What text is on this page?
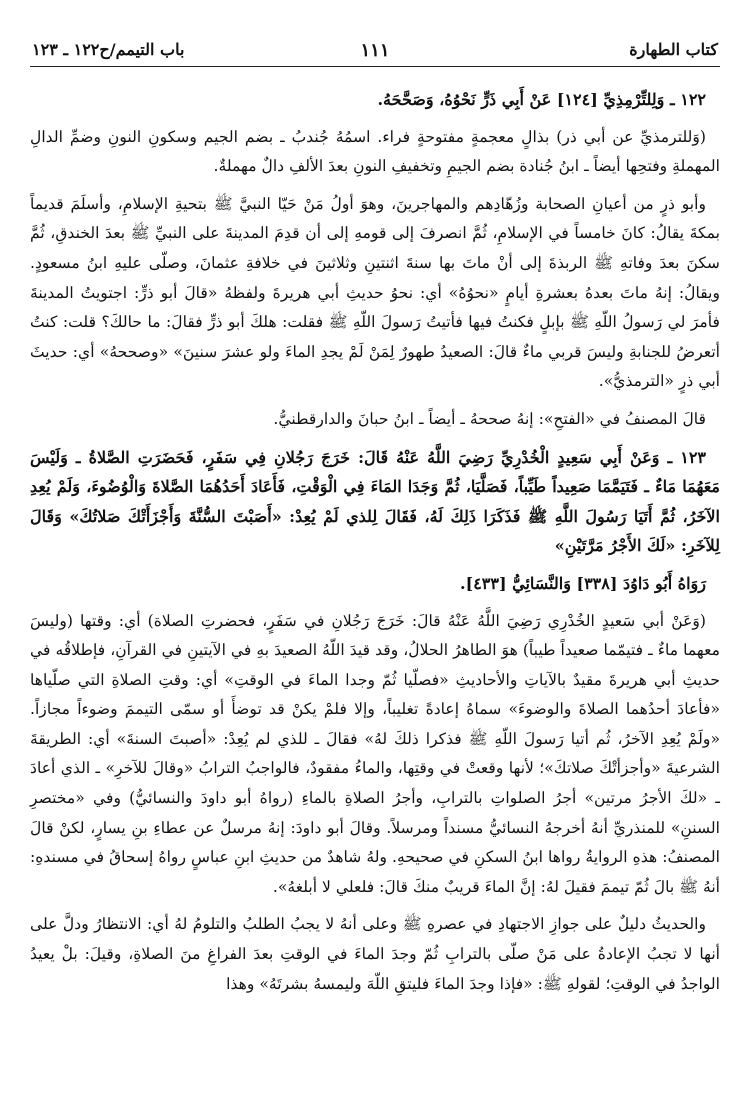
كتاب الطهارة
١١١
باب التيمم/ح١٢٢ ـ ١٢٣

١٢٢ ـ وَلِلتِّرْمِذِيِّ [١٢٤] عَنْ أَبِي ذَرٍّ نَحْوُهُ، وَصَحَّحَهُ.

(وَللترمذيِّ عن أبي ذر) بذالٍ معجمةٍ مفتوحةٍ فراء. اسمُهُ جُندبُ ـ بضم الجيم وسكونِ النونِ وضمِّ الدالِ المهملةِ وفتحِها أيضاً ـ ابنُ جُنادة بضم الجيمِ وتخفيفِ النونِ بعدَ الألفِ دالٌ مهملةٌ.

وأبو ذرٍ من أعيانِ الصحابة وزُهّادِهم والمهاجرينَ، وهوَ أولُ مَنْ حَيّا النبيَّ ﷺ بتحيةِ الإسلامِ، وأسلَمَ قديماً بمكةَ يقالُ: كانَ خامساً في الإسلامِ، ثُمَّ انصرفَ إلى قومهِ إلى أن قدِمَ المدينةَ على النبيِّ ﷺ بعدَ الخندقِ، ثُمَّ سكنَ بعدَ وفاتهِ ﷺ الربذةَ إلى أنْ ماتَ بها سنةَ اثنتينِ وثلاثينَ في خلافةِ عثمانَ، وصلّى عليهِ ابنُ مسعودٍ. ويقالُ: إنهُ ماتَ بعدهُ بعشرةِ أيامٍ «نحوُهُ» أي: نحوُ حديثِ أبي هريرةَ ولفظهُ «قالَ أبو ذرٍّ: اجتويتُ المدينةَ فأمرَ لي رَسولُ اللّهِ ﷺ بإبلٍ فكنتُ فيها فأتيتُ رَسولَ اللّهِ ﷺ فقلت: هلكَ أبو ذرٍّ فقالَ: ما حالكَ؟ قلت: كنتُ أتعرضُ للجنابةِ وليسَ قربي ماءٌ قالَ: الصعيدُ طهورٌ لِمَنْ لَمْ يجدِ الماءَ ولو عشرَ سنينَ» «وصححهُ» أي: حديثَ أبي ذرٍ «الترمذيُّ».

قالَ المصنفُ في «الفتحِ»: إنهُ صححهُ ـ أيضاً ـ ابنُ حبانَ والدارقطنيُّ.

١٢٣ ـ وَعَنْ أَبِي سَعِيدٍ الْخُدْرِيِّ رَضِيَ اللَّهُ عَنْهُ قَالَ: خَرَجَ رَجُلانِ فِي سَفَرٍ، فَحَضَرَتِ الصَّلاةُ ـ وَلَيْسَ مَعَهُمَا مَاءٌ ـ فَتَيَمَّمَا صَعِيداً طَيِّباً، فَصَلَّيَا، ثُمَّ وَجَدَا المَاءَ فِي الْوَقْتِ، فَأَعَادَ أَحَدُهُمَا الصَّلاةَ وَالْوُضُوءَ، وَلَمْ يُعِدِ الآخَرُ، ثُمَّ أَتَيَا رَسُولَ اللَّهِ ﷺ فَذَكَرَا ذَلِكَ لَهُ، فَقَالَ لِلذي لَمْ يُعِدْ: «أَصَبْتَ السُّنَّةَ وَأَجْزَأَتْكَ صَلاتُكَ» وَقَالَ لِلآخَرِ: «لَكَ الأَجْرُ مَرَّتَيْنِ»

رَوَاهُ أَبُو دَاوُدَ [٣٣٨] وَالنَّسَائِيُّ [٤٣٣].

(وَعَنْ أبي سَعيدٍ الخُدْرِي رَضِيَ اللَّهُ عَنْهُ قالَ: خَرَجَ رَجُلانِ في سَفَرٍ، فحضرتِ الصلاة) أي: وقتها (وليسَ معهما ماءٌ ـ فتيمّما صعيداً طيباً) هوَ الطاهرُ الحلالُ، وقد قيدَ اللّهُ الصعيدَ بهِ في الآيتينِ في القرآنِ، فإطلاقُه في حديثِ أبي هريرةَ مقيدٌ بالآياتِ والأحاديثِ «فصلّيا ثُمّ وجدا الماءَ في الوقتِ» أي: وقتِ الصلاةِ التي صلّياها «فأعادَ أحدُهما الصلاةَ والوضوءَ» سماهُ إعادةً تغليباً، وإلا فلمْ يكنْ قد توضأَ أو سمّى التيممَ وضوءاً مجازاً. «ولَمْ يُعِدِ الآخرُ، ثُم أتيا رَسولَ اللّهِ ﷺ فذكرا ذلكَ لهُ» فقالَ ـ للذي لم يُعِدْ: «أصبتَ السنةَ» أي: الطريقةَ الشرعيةَ «وأجزأتْكَ صلاتكَ»؛ لأنها وقعتْ في وقتِها، والماءُ مفقودٌ، فالواجبُ الترابُ «وقالَ للآخرِ» ـ الذي أعادَ ـ «لكَ الأجرُ مرتين» أجرُ الصلواتِ بالترابِ، وأجرُ الصلاةِ بالماءِ (رواهُ أبو داودَ والنسائيُّ) وفي «مختصرِ السننِ» للمنذريِّ أنهُ أخرجهُ النسائيُّ مسنداً ومرسلاً. وقالَ أبو داودَ: إنهُ مرسلٌ عن عطاءِ بنِ يسارٍ، لكنْ قالَ المصنفُ: هذهِ الروايةُ رواها ابنُ السكنِ في صحيحهِ. ولهُ شاهدٌ من حديثِ ابنِ عباسٍ رواهُ إسحاقُ في مسندهِ: أنهُ ﷺ بالَ ثُمّ تيممَ فقيلَ لهُ: إنَّ الماءَ قريبٌ منكَ قالَ: فلعلي لا أبلغهُ».

والحديثُ دليلٌ على جوازِ الاجتهادِ في عصرهِ ﷺ وعلى أنهُ لا يجبُ الطلبُ والتلومُ لهُ أي: الانتظارُ ودلَّ على أنها لا تجبُ الإعادةُ على مَنْ صلّى بالترابِ ثُمّ وجدَ الماءَ في الوقتِ بعدَ الفراغِ منَ الصلاةِ، وقيلَ: بلْ يعيدُ الواجدُ في الوقتِ؛ لقولهِ ﷺ: «فإذا وجدَ الماءَ فليتقِ اللّهَ وليمسهُ بشرتَهُ» وهذا
